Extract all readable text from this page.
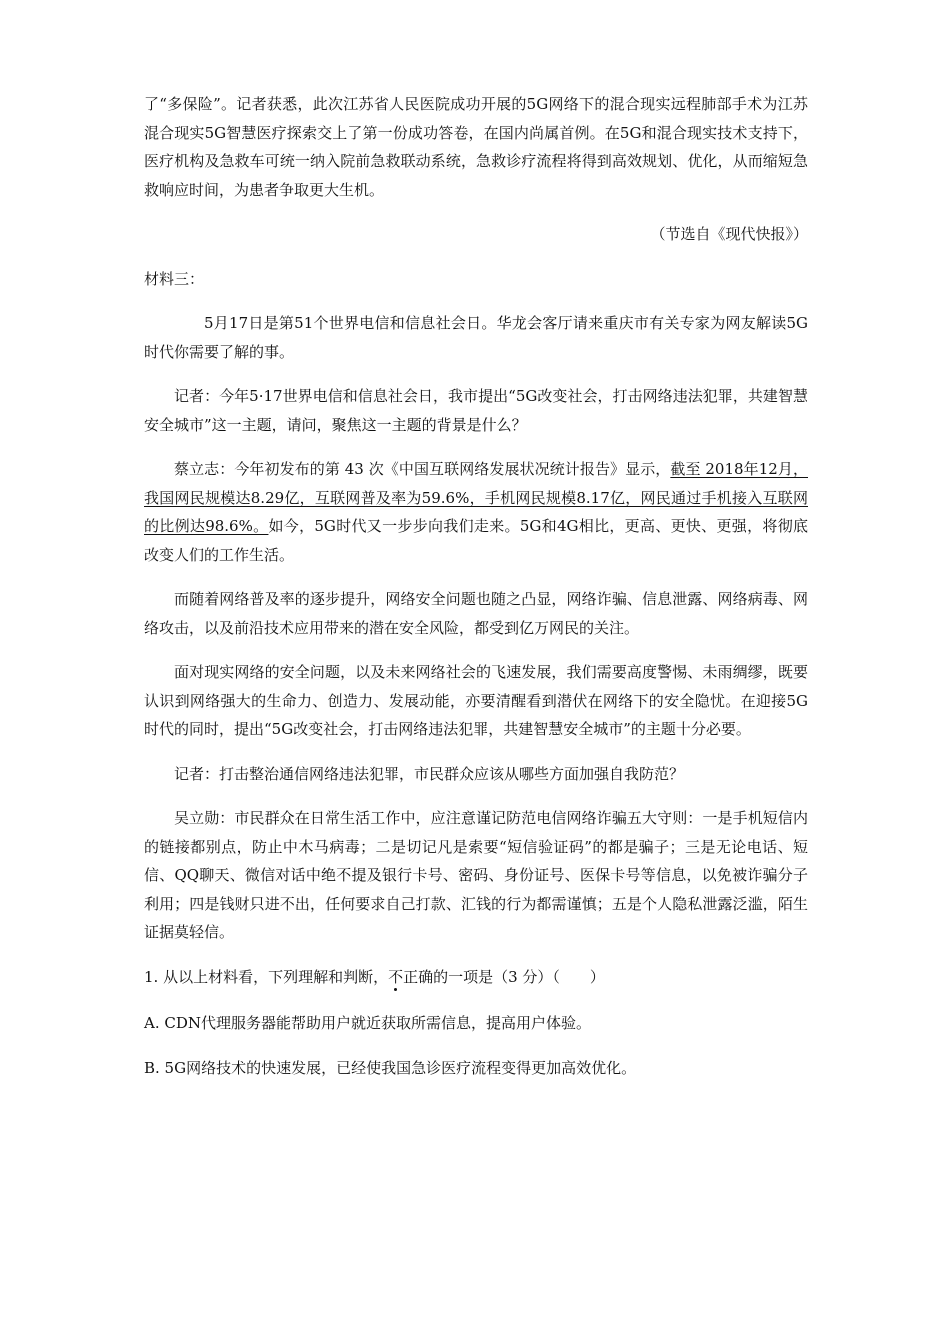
了“多保险”。记者获悉，此次江苏省人民医院成功开展的5G网络下的混合现实远程肺部手术为江苏混合现实5G智慧医疗探索交上了第一份成功答卷，在国内尚属首例。在5G和混合现实技术支持下，医疗机构及急救车可统一纳入院前急救联动系统，急救诊疗流程将得到高效规划、优化，从而缩短急救响应时间，为患者争取更大生机。

（节选自《现代快报》）

材料三：

5月17日是第51个世界电信和信息社会日。华龙会客厅请来重庆市有关专家为网友解读5G时代你需要了解的事。

记者：今年5·17世界电信和信息社会日，我市提出“5G改变社会，打击网络违法犯罪，共建智慧安全城市”这一主题，请问，聚焦这一主题的背景是什么？

蔡立志：今年初发布的第 43 次《中国互联网络发展状况统计报告》显示，截至 2018年12月，我国网民规模达8.29亿，互联网普及率为59.6%，手机网民规模8.17亿，网民通过手机接入互联网的比例达98.6%。如今，5G时代又一步步向我们走来。5G和4G相比，更高、更快、更强，将彻底改变人们的工作生活。

而随着网络普及率的逐步提升，网络安全问题也随之凸显，网络诈骗、信息泄露、网络病毒、网络攻击，以及前沿技术应用带来的潜在安全风险，都受到亿万网民的关注。

面对现实网络的安全问题，以及未来网络社会的飞速发展，我们需要高度警惕、未雨绸缪，既要认识到网络强大的生命力、创造力、发展动能，亦要清醒看到潜伏在网络下的安全隐忧。在迎接5G时代的同时，提出“5G改变社会，打击网络违法犯罪，共建智慧安全城市”的主题十分必要。

记者：打击整治通信网络违法犯罪，市民群众应该从哪些方面加强自我防范？

吴立勋：市民群众在日常生活工作中，应注意谨记防范电信网络诈骗五大守则：一是手机短信内的链接都别点，防止中木马病毒；二是切记凡是索要“短信验证码”的都是骗子；三是无论电话、短信、QQ聊天、微信对话中绝不提及银行卡号、密码、身份证号、医保卡号等信息，以免被诈骗分子利用；四是钱财只进不出，任何要求自己打款、汇钱的行为都需谨慎；五是个人隐私泄露泛滥，陌生证据莫轻信。

1. 从以上材料看，下列理解和判断，不正确的一项是（3 分）（　　）

A. CDN代理服务器能帮助用户就近获取所需信息，提高用户体验。

B. 5G网络技术的快速发展，已经使我国急诊医疗流程变得更加高效优化。
